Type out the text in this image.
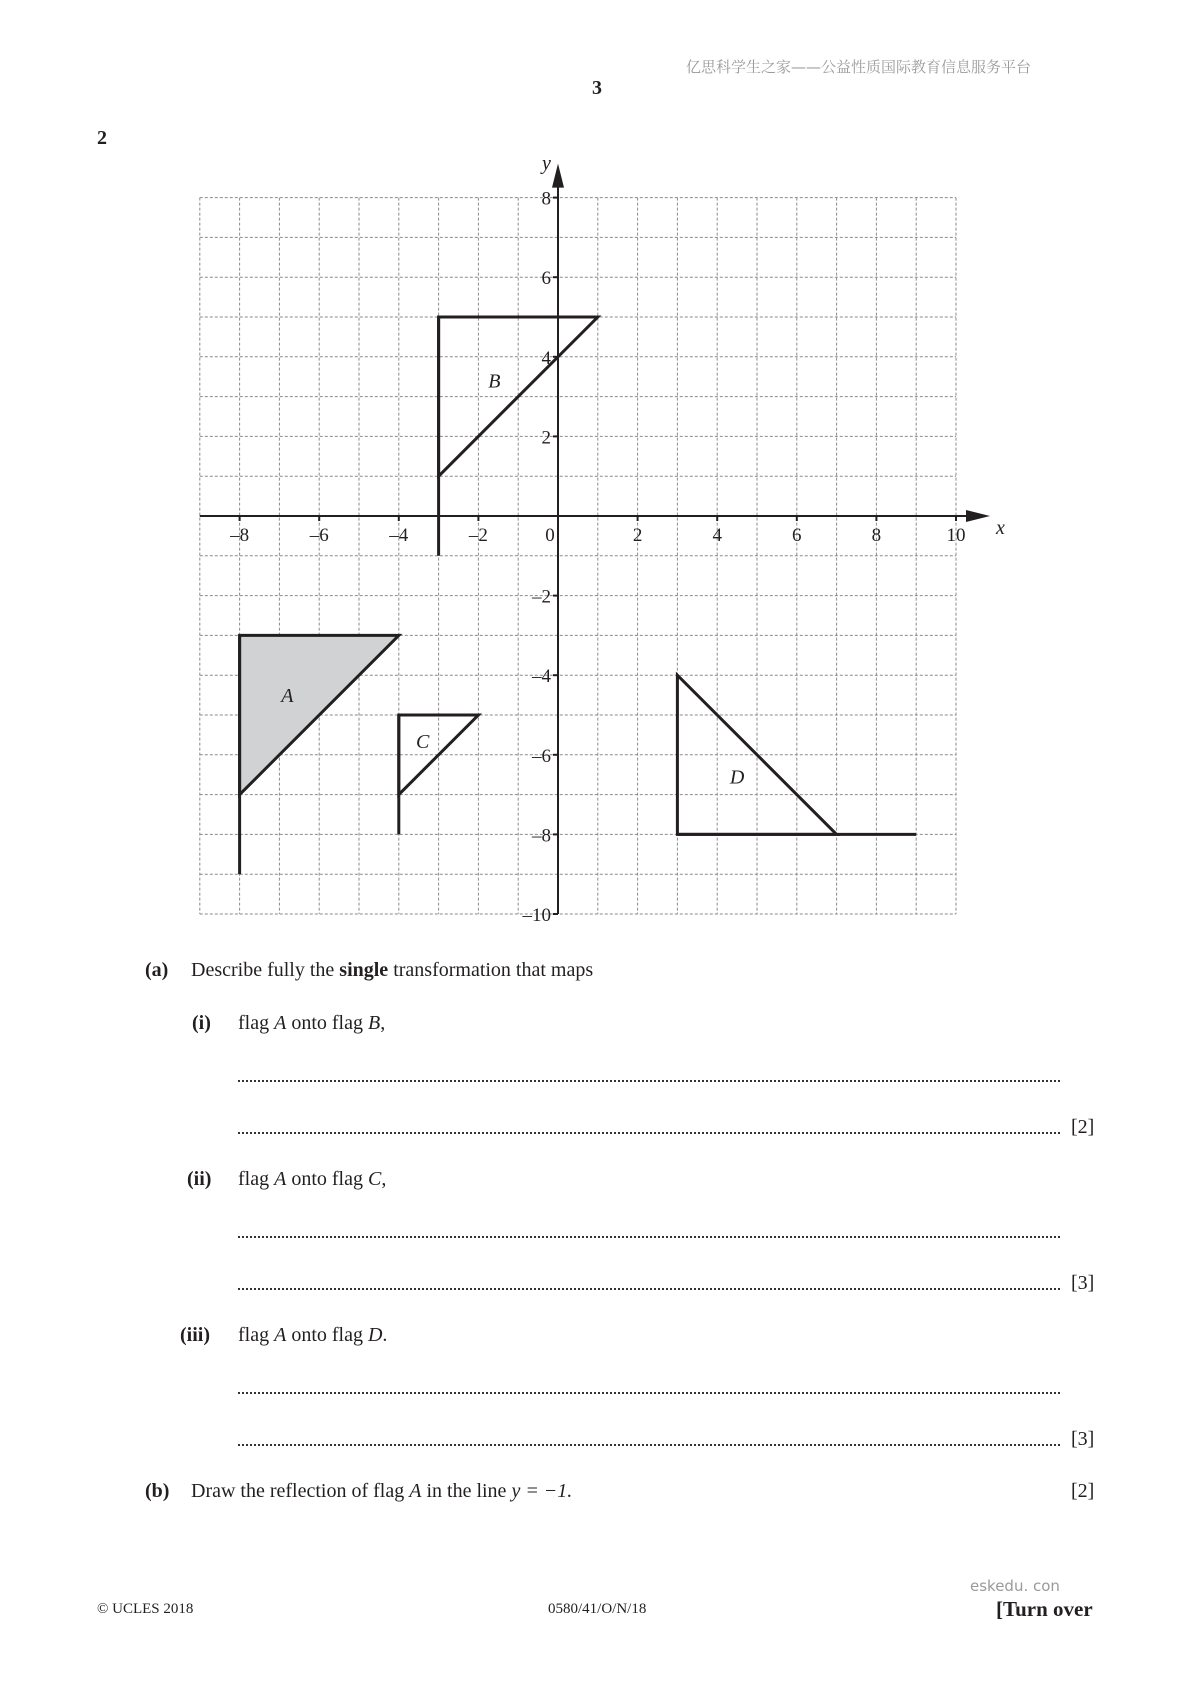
亿思科学生之家——公益性质国际教育信息服务平台
3
2
x
y
A
B
C
D
–8	–6	–4	–2	0	2	4	6	8	10
8
6
4
2
–2
–4
–6
–8
–10
(a) Describe fully the single transformation that maps
(i) flag A onto flag B,
[2]
(ii) flag A onto flag C,
[3]
(iii) flag A onto flag D.
[3]
(b) Draw the reflection of flag A in the line y = −1.	[2]
eskedu. con
© UCLES 2018	0580/41/O/N/18	[Turn over
